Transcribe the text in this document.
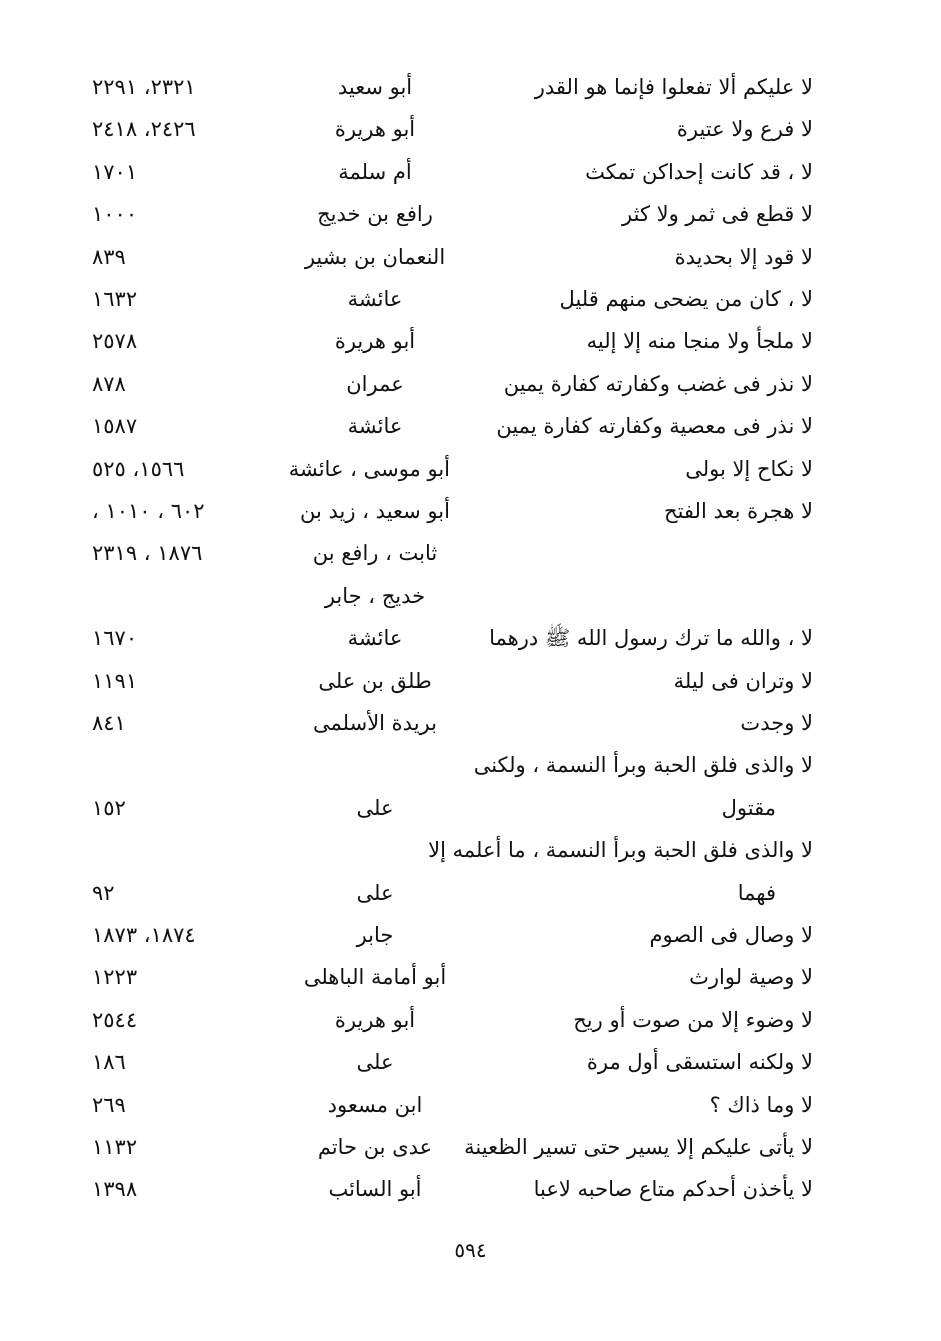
لا عليكم ألا تفعلوا فإنما هو القدر
أبو سعيد
٢٣٢١، ٢٢٩١
لا فرع ولا عتيرة
أبو هريرة
٢٤٢٦، ٢٤١٨
لا ، قد كانت إحداكن تمكث
أم سلمة
١٧٠١
لا قطع فى ثمر ولا كثر
رافع بن خديج
١٠٠٠
لا قود إلا بحديدة
النعمان بن بشير
٨٣٩
لا ، كان من يضحى منهم قليل
عائشة
١٦٣٢
لا ملجأ ولا منجا منه إلا إليه
أبو هريرة
٢٥٧٨
لا نذر فى غضب وكفارته كفارة يمين
عمران
٨٧٨
لا نذر فى معصية وكفارته كفارة يمين
عائشة
١٥٨٧
لا نكاح إلا بولى
أبو موسى ، عائشة
١٥٦٦، ٥٢٥
لا هجرة بعد الفتح
أبو سعيد ، زيد بن
٦٠٢ ، ١٠١٠ ،
ثابت ، رافع بن
١٨٧٦ ، ٢٣١٩
خديج ، جابر
لا ، والله ما ترك رسول الله ﷺ درهما
عائشة
١٦٧٠
لا وتران فى ليلة
طلق بن على
١١٩١
لا وجدت
بريدة الأسلمى
٨٤١
لا والذى فلق الحبة وبرأ النسمة ، ولكنى
مقتول
على
١٥٢
لا والذى فلق الحبة وبرأ النسمة ، ما أعلمه إلا
فهما
على
٩٢
لا وصال فى الصوم
جابر
١٨٧٤، ١٨٧٣
لا وصية لوارث
أبو أمامة الباهلى
١٢٢٣
لا وضوء إلا من صوت أو ريح
أبو هريرة
٢٥٤٤
لا ولكنه استسقى أول مرة
على
١٨٦
لا وما ذاك ؟
ابن مسعود
٢٦٩
لا يأتى عليكم إلا يسير حتى تسير الظعينة
عدى بن حاتم
١١٣٢
لا يأخذن أحدكم متاع صاحبه لاعبا
أبو السائب
١٣٩٨
٥٩٤
